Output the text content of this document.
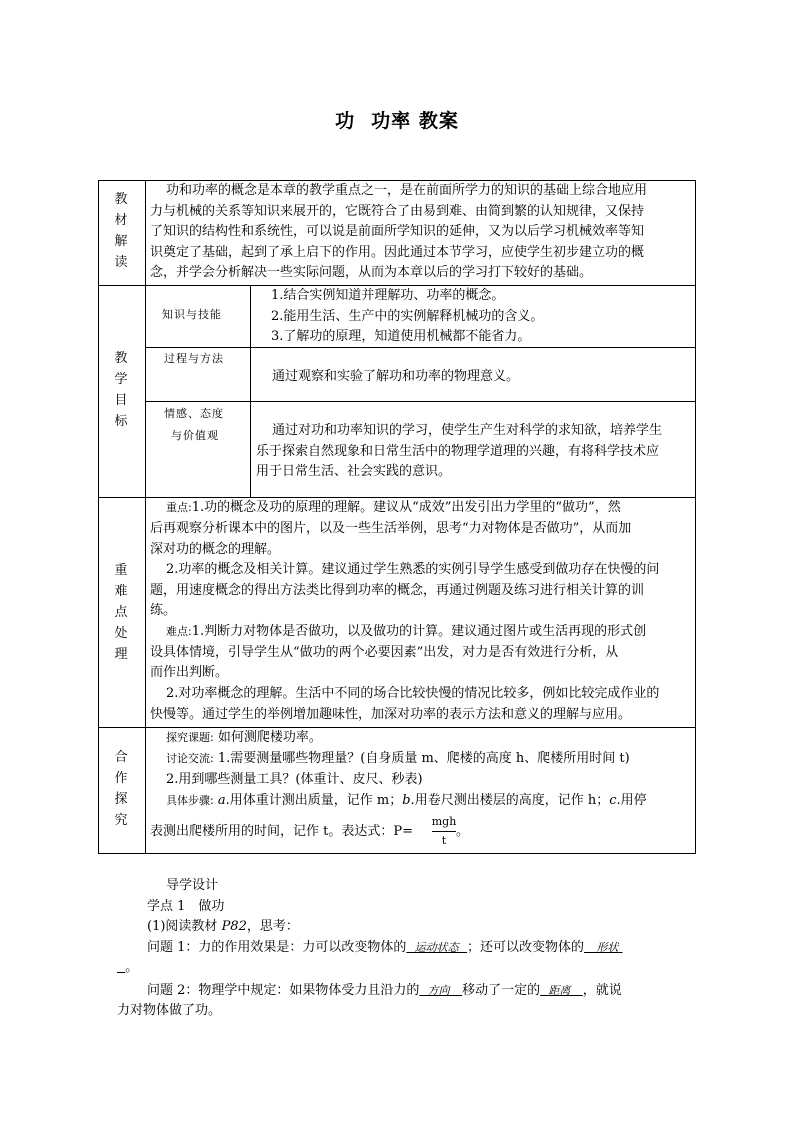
功 功率 教案
教
材
解
读
功和功率的概念是本章的教学重点之一，是在前面所学力的知识的基础上综合地应用
力与机械的关系等知识来展开的，它既符合了由易到难、由简到繁的认知规律，又保持
了知识的结构性和系统性，可以说是前面所学知识的延伸，又为以后学习机械效率等知
识奠定了基础，起到了承上启下的作用。因此通过本节学习，应使学生初步建立功的概
念，并学会分析解决一些实际问题，从而为本章以后的学习打下较好的基础。
教
学
目
标
知识与技能
1.结合实例知道并理解功、功率的概念。
2.能用生活、生产中的实例解释机械功的含义。
3.了解功的原理，知道使用机械都不能省力。
过程与方法
通过观察和实验了解功和功率的物理意义。
情感、态度
与价值观	通过对功和功率知识的学习，使学生产生对科学的求知欲，培养学生
乐于探索自然现象和日常生活中的物理学道理的兴趣，有将科学技术应
用于日常生活、社会实践的意识。
重
难
点
处
理
重点:1.功的概念及功的原理的理解。建议从“成效”出发引出力学里的“做功”，然
后再观察分析课本中的图片，以及一些生活举例，思考“力对物体是否做功”，从而加
深对功的概念的理解。
2.功率的概念及相关计算。建议通过学生熟悉的实例引导学生感受到做功存在快慢的问
题，用速度概念的得出方法类比得到功率的概念，再通过例题及练习进行相关计算的训
练。
难点:1.判断力对物体是否做功，以及做功的计算。建议通过图片或生活再现的形式创
设具体情境，引导学生从“做功的两个必要因素”出发，对力是否有效进行分析，从
而作出判断。
2.对功率概念的理解。生活中不同的场合比较快慢的情况比较多，例如比较完成作业的
快慢等。通过学生的举例增加趣味性，加深对功率的表示方法和意义的理解与应用。
合
作
探
究
探究课题: 如何测爬楼功率。
讨论交流: 1.需要测量哪些物理量？(自身质量 m、爬楼的高度 h、爬楼所用时间 t)
2.用到哪些测量工具？(体重计、皮尺、秒表)
具体步骤: a.用体重计测出质量，记作 m；b.用卷尺测出楼层的高度，记作 h；c.用停
表测出爬楼所用的时间，记作 t。表达式：P=
mgh
t
。
导学设计
学点 1　做功
(1)阅读教材 P82，思考：
问题 1：力的作用效果是：力可以改变物体的 运动状态 ；还可以改变物体的 形状
。
问题 2：物理学中规定：如果物体受力且沿力的 方向 移动了一定的 距离 ，就说
力对物体做了功。
